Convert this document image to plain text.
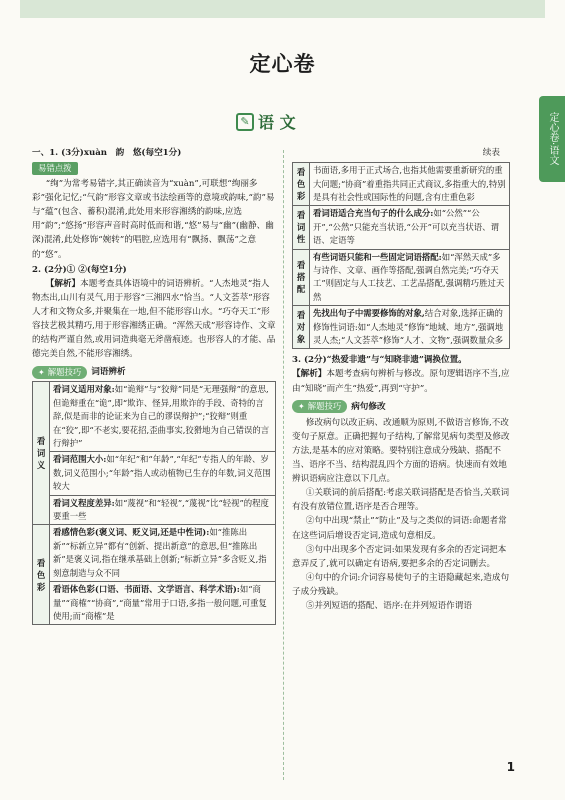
定心卷
✎ 语 文	定心卷·语文

一、1. (3分)xuàn　韵　悠(每空1分)

易错点拨

“绚”为常考易错字,其正确读音为“xuàn”,可联想“绚丽多彩”强化记忆;“气韵”形容文章或书法绘画等的意境或韵味,“韵”易与“蕴”(包含、蓄积)混淆,此处用来形容湘绣的韵味,应选用“韵”;“悠扬”形容声音时高时低而和谐,“悠”易与“幽”(幽静、幽深)混淆,此处修饰“婉转”的唱腔,应选用有“飘扬、飘荡”之意的“悠”。

2. (2分)① ②(每空1分)

【解析】本题考查具体语境中的词语辨析。“人杰地灵”指人物杰出,山川有灵气,用于形容“三湘四水”恰当。“人文荟萃”形容人才和文物众多,并聚集在一地,但不能形容山水。“巧夺天工”形容技艺极其精巧,用于形容湘绣正确。“浑然天成”形容诗作、文章的结构严谨自然,或用词造典毫无斧凿痕迹。也形容人的才能、品德完美自然,不能形容湘绣。

✦ 解题技巧 词语辨析
看词义	看词义适用对象:如“诡辩”与“狡辩”同是“无理强辩”的意思,但诡辩重在“诡”,即“欺诈、怪异,用欺诈的手段、奇特的言辞,似是而非的论证来为自己的谬误辩护”;“狡辩”则重在“狡”,即“不老实,要花招,歪曲事实,狡猾地为自己错误的言行辩护”
	看词范围大小:如“年纪”和“年龄”,“年纪”专指人的年龄、岁数,词义范围小;“年龄”指人或动植物已生存的年数,词义范围较大
	看词义程度差异:如“蔑视”和“轻视”,“蔑视”比“轻视”的程度要重一些

看色彩	看感情色彩(褒义词、贬义词,还是中性词):如“推陈出新”“标新立异”都有“创新、提出新意”的意思,但“推陈出新”是褒义词,指在继承基础上创新;“标新立异”多含贬义,指刻意制造与众不同
	看语体色彩(口语、书面语、文学语言、科学术语):如“商量”“商榷”“协商”,“商量”常用于口语,多指一般问题,可重复使用;而“商榷”是
续表
看色彩	书面语,多用于正式场合,也指其他需要重新研究的重大问题;“协商”着重指共同正式商议,多指重大的,特别是具有社会性或国际性的问题,含有庄重色彩

看词性	看词语适合充当句子的什么成分:如“公然”“公开”,“公然”只能充当状语,“公开”可以充当状语、谓语、定语等

看搭配	有些词语只能和一些固定词语搭配:如“浑然天成”多与诗作、文章、画作等搭配,强调自然完美;“巧夺天工”则固定与人工技艺、工艺品搭配,强调精巧胜过天然

看对象	先找出句子中需要修饰的对象,结合对象,选择正确的修饰性词语:如“人杰地灵”修饰“地域、地方”,强调地灵人杰;“人文荟萃”修饰“人才、文物”,强调数量众多

3. (2分)“热爱非遗”与“知晓非遗”调换位置。

【解析】本题考查病句辨析与修改。原句逻辑语序不当,应由“知晓”而产生“热爱”,再到“守护”。

✦ 解题技巧 病句修改

修改病句以改正病、改通顺为原则,不做语言修饰,不改变句子原意。正确把握句子结构,了解常见病句类型及修改方法,是基本的应对策略。要特别注意成分残缺、搭配不当、语序不当、结构混乱四个方面的语病。快速而有效地辨识语病应注意以下几点。

①关联词的前后搭配:考虑关联词搭配是否恰当,关联词有没有放错位置,语序是否合理等。

②句中出现“禁止”“防止”及与之类似的词语:命题者常在这些词后增设否定词,造成句意相反。

③句中出现多个否定词:如果发现有多余的否定词把本意弄反了,就可以确定有语病,要把多余的否定词删去。

④句中的介词:介词容易使句子的主语隐藏起来,造成句子成分残缺。

⑤并列短语的搭配、语序:在并列短语作谓语

1
